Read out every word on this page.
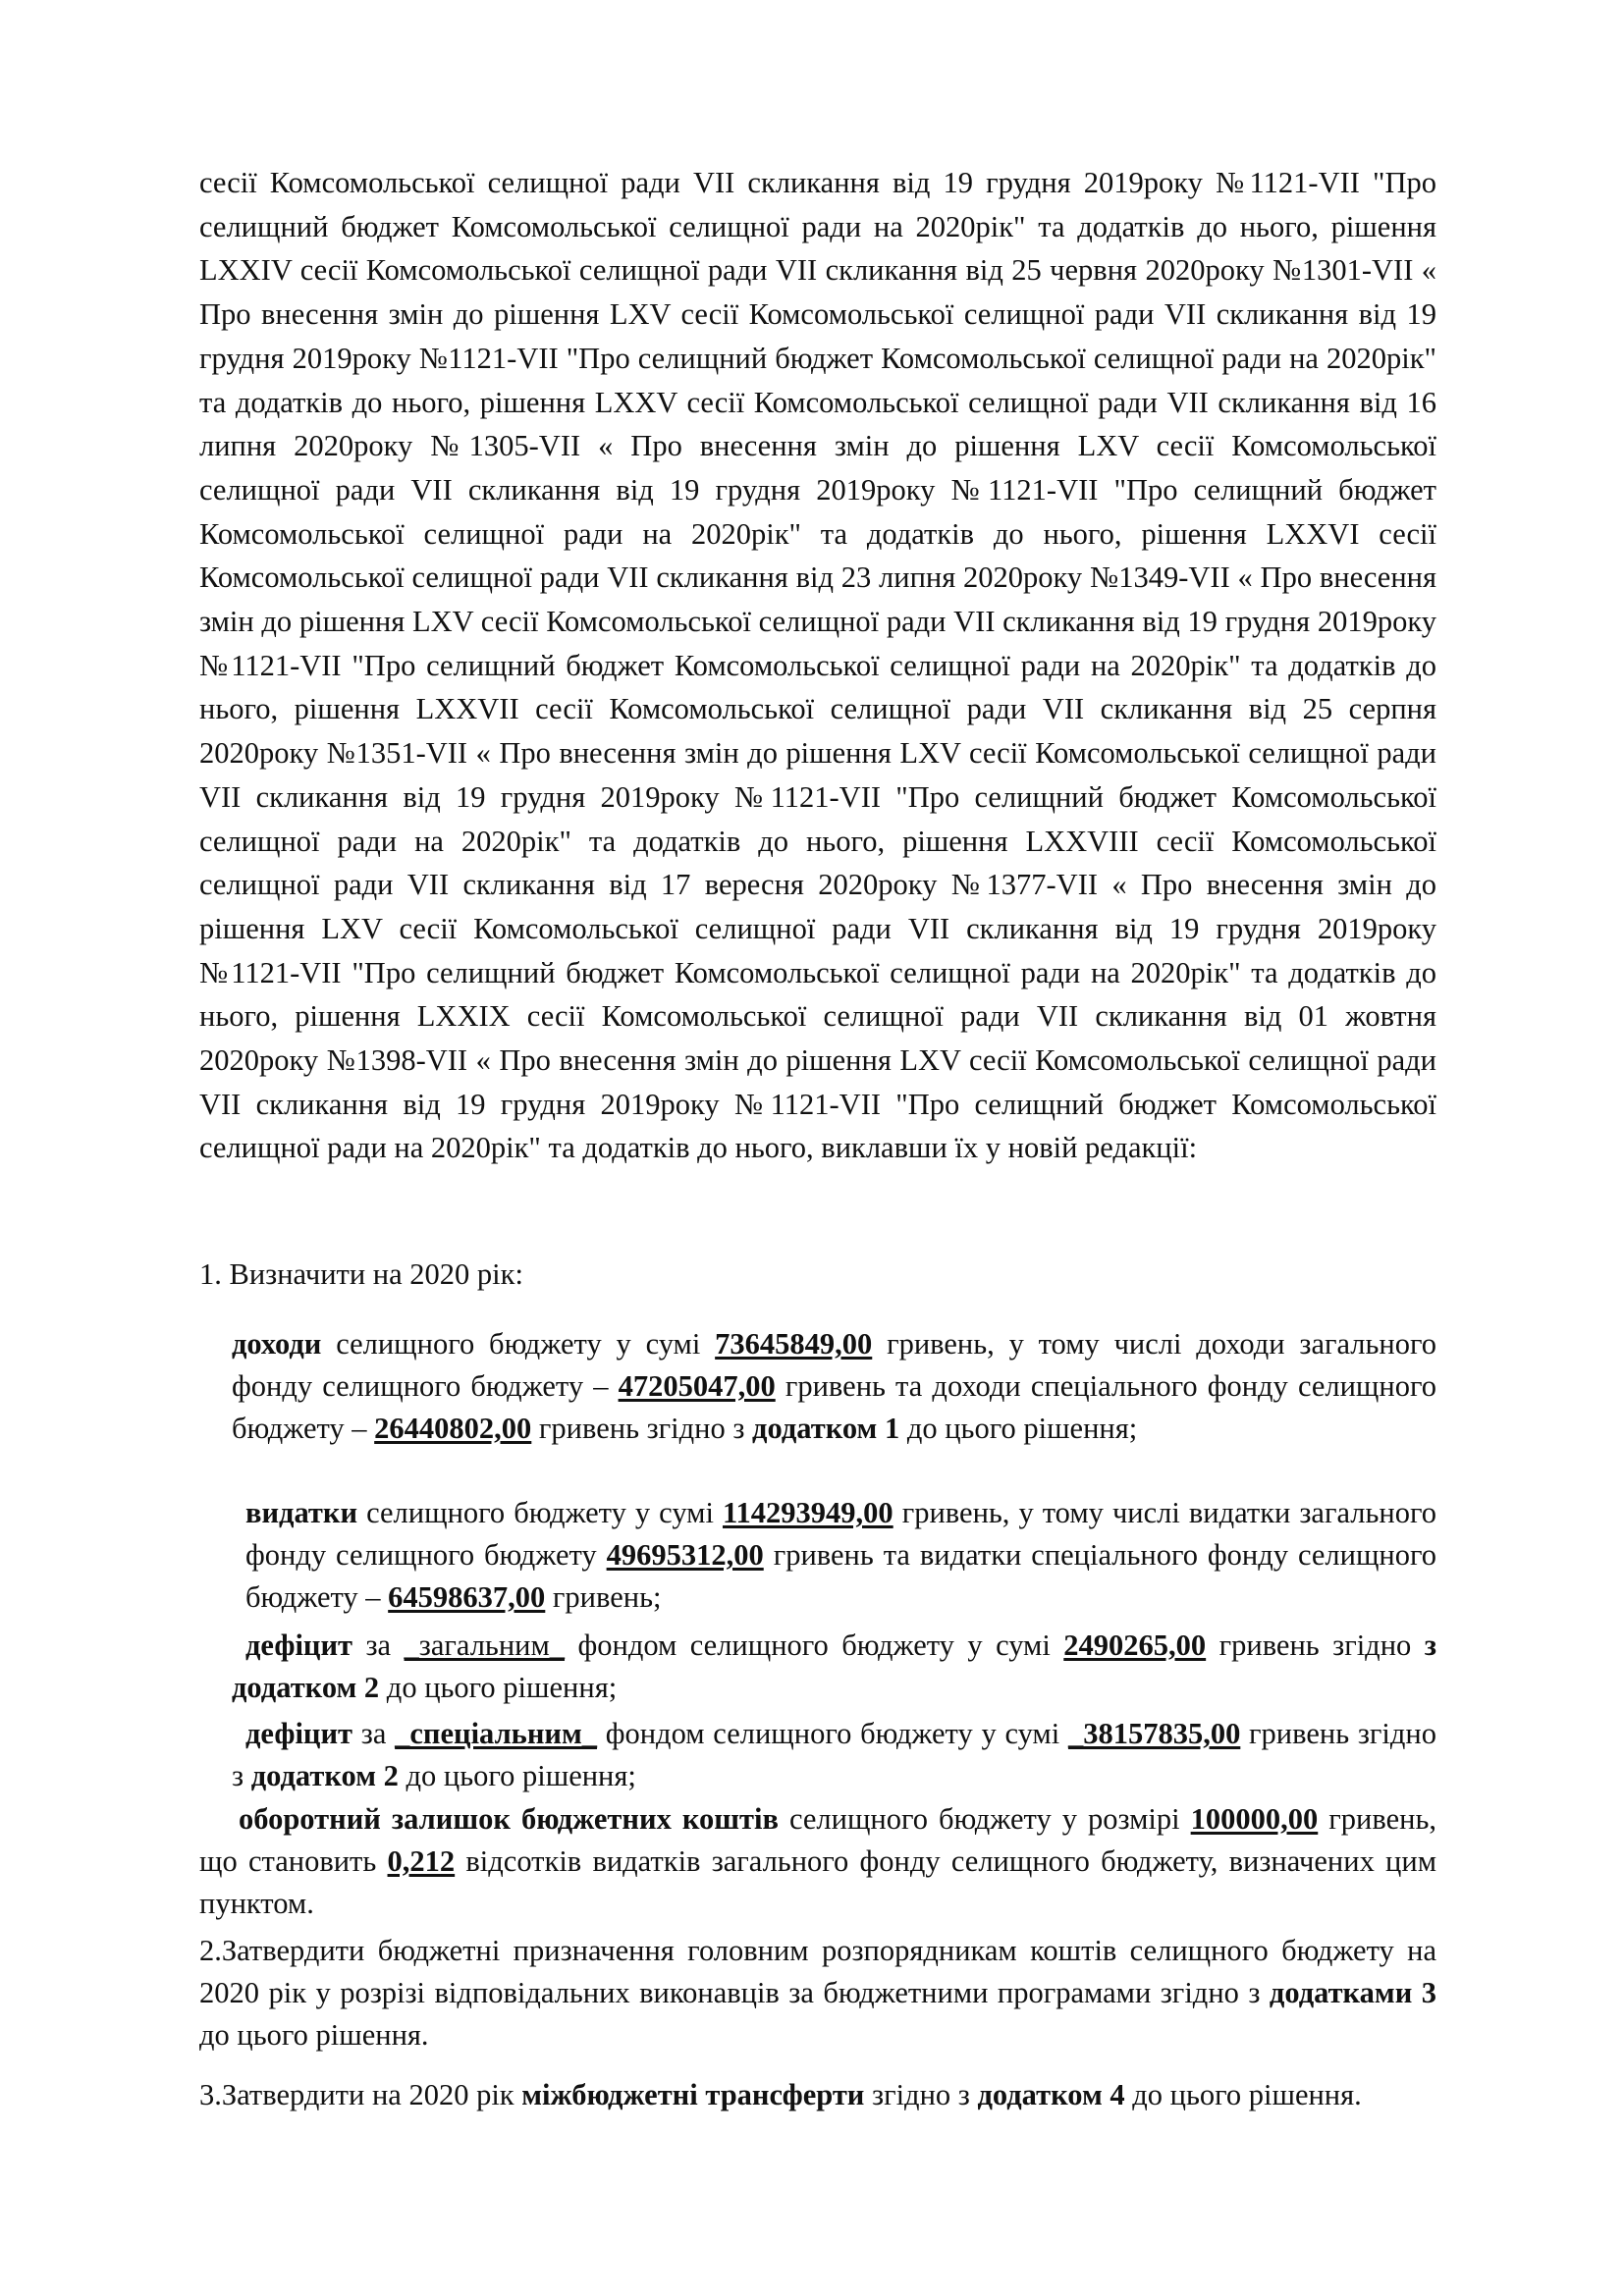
сесії Комсомольської селищної ради VII скликання від 19 грудня 2019року №1121-VII "Про селищний бюджет Комсомольської селищної ради на 2020рік" та додатків до нього, рішення LXXIV сесії Комсомольської селищної ради VII скликання від 25 червня 2020року №1301-VII « Про внесення змін до рішення LXV сесії Комсомольської селищної ради VII скликання від 19 грудня 2019року №1121-VII "Про селищний бюджет Комсомольської селищної ради на 2020рік" та додатків до нього, рішення LXXV сесії Комсомольської селищної ради VII скликання від 16 липня 2020року №1305-VII « Про внесення змін до рішення LXV сесії Комсомольської селищної ради VII скликання від 19 грудня 2019року №1121-VII "Про селищний бюджет Комсомольської селищної ради на 2020рік" та додатків до нього, рішення LXXVI сесії Комсомольської селищної ради VII скликання від 23 липня 2020року №1349-VII « Про внесення змін до рішення LXV сесії Комсомольської селищної ради VII скликання від 19 грудня 2019року №1121-VII "Про селищний бюджет Комсомольської селищної ради на 2020рік" та додатків до нього, рішення LXXVII сесії Комсомольської селищної ради VII скликання від 25 серпня 2020року №1351-VII « Про внесення змін до рішення LXV сесії Комсомольської селищної ради VII скликання від 19 грудня 2019року №1121-VII "Про селищний бюджет Комсомольської селищної ради на 2020рік" та додатків до нього, рішення LXXVIII сесії Комсомольської селищної ради VII скликання від 17 вересня 2020року №1377-VII « Про внесення змін до рішення LXV сесії Комсомольської селищної ради VII скликання від 19 грудня 2019року №1121-VII "Про селищний бюджет Комсомольської селищної ради на 2020рік" та додатків до нього, рішення LXXIX сесії Комсомольської селищної ради VII скликання від 01 жовтня 2020року №1398-VII « Про внесення змін до рішення LXV сесії Комсомольської селищної ради VII скликання від 19 грудня 2019року №1121-VII "Про селищний бюджет Комсомольської селищної ради на 2020рік" та додатків до нього, виклавши їх у новій редакції:

1. Визначити на 2020 рік:

доходи селищного бюджету у сумі 73645849,00 гривень, у тому числі доходи загального фонду селищного бюджету – 47205047,00 гривень та доходи спеціального фонду селищного бюджету – 26440802,00 гривень згідно з додатком 1 до цього рішення;

видатки селищного бюджету у сумі 114293949,00 гривень, у тому числі видатки загального фонду селищного бюджету 49695312,00 гривень та видатки спеціального фонду селищного бюджету – 64598637,00 гривень;

дефіцит за _загальним_ фондом селищного бюджету у сумі 2490265,00 гривень згідно з додатком 2 до цього рішення;

дефіцит за _спеціальним_ фондом селищного бюджету у сумі _38157835,00 гривень згідно з додатком 2 до цього рішення;

оборотний залишок бюджетних коштів селищного бюджету у розмірі 100000,00 гривень, що становить 0,212 відсотків видатків загального фонду селищного бюджету, визначених цим пунктом.

2.Затвердити бюджетні призначення головним розпорядникам коштів селищного бюджету на 2020 рік у розрізі відповідальних виконавців за бюджетними програмами згідно з додатками 3 до цього рішення.

3.Затвердити на 2020 рік міжбюджетні трансферти згідно з додатком 4 до цього рішення.
